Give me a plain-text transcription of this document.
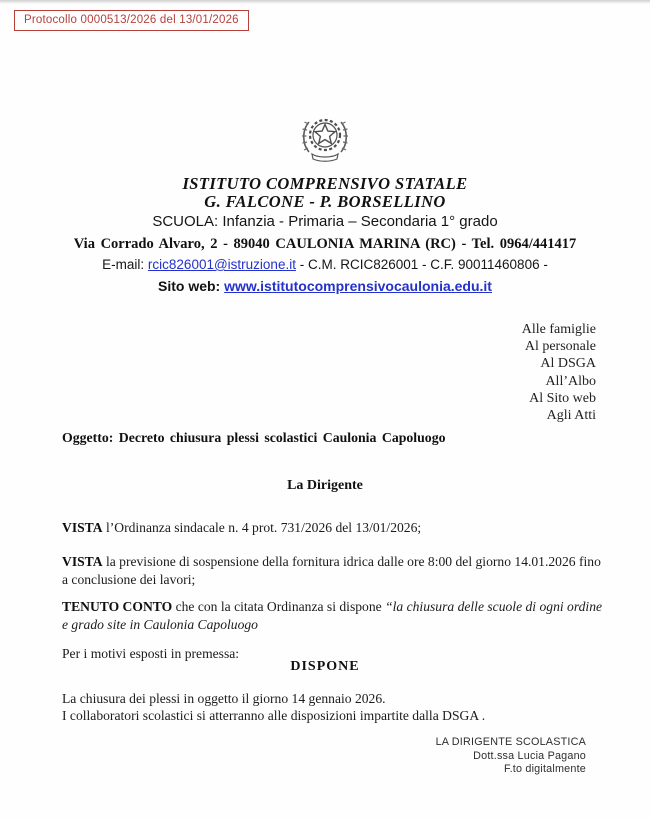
Protocollo 0000513/2026 del 13/01/2026
ISTITUTO COMPRENSIVO STATALE
G. FALCONE - P. BORSELLINO
SCUOLA: Infanzia - Primaria – Secondaria 1° grado
Via Corrado Alvaro, 2 - 89040 CAULONIA MARINA (RC) - Tel. 0964/441417
E-mail: rcic826001@istruzione.it - C.M. RCIC826001 - C.F. 90011460806 -
Sito web: www.istitutocomprensivocaulonia.edu.it
Alle famiglie
Al personale
Al DSGA
All’Albo
Al Sito web
Agli Atti
Oggetto: Decreto chiusura plessi scolastici Caulonia Capoluogo
La Dirigente
VISTA l’Ordinanza sindacale n. 4 prot. 731/2026 del 13/01/2026;
VISTA la previsione di sospensione della fornitura idrica dalle ore 8:00 del giorno 14.01.2026 fino a conclusione dei lavori;
TENUTO CONTO che con la citata Ordinanza si dispone “la chiusura delle scuole di ogni ordine e grado site in Caulonia Capoluogo
Per i motivi esposti in premessa:
DISPONE
La chiusura dei plessi in oggetto il giorno 14 gennaio 2026.
I collaboratori scolastici si atterranno alle disposizioni impartite dalla DSGA .
LA DIRIGENTE SCOLASTICA
Dott.ssa Lucia Pagano
F.to digitalmente
